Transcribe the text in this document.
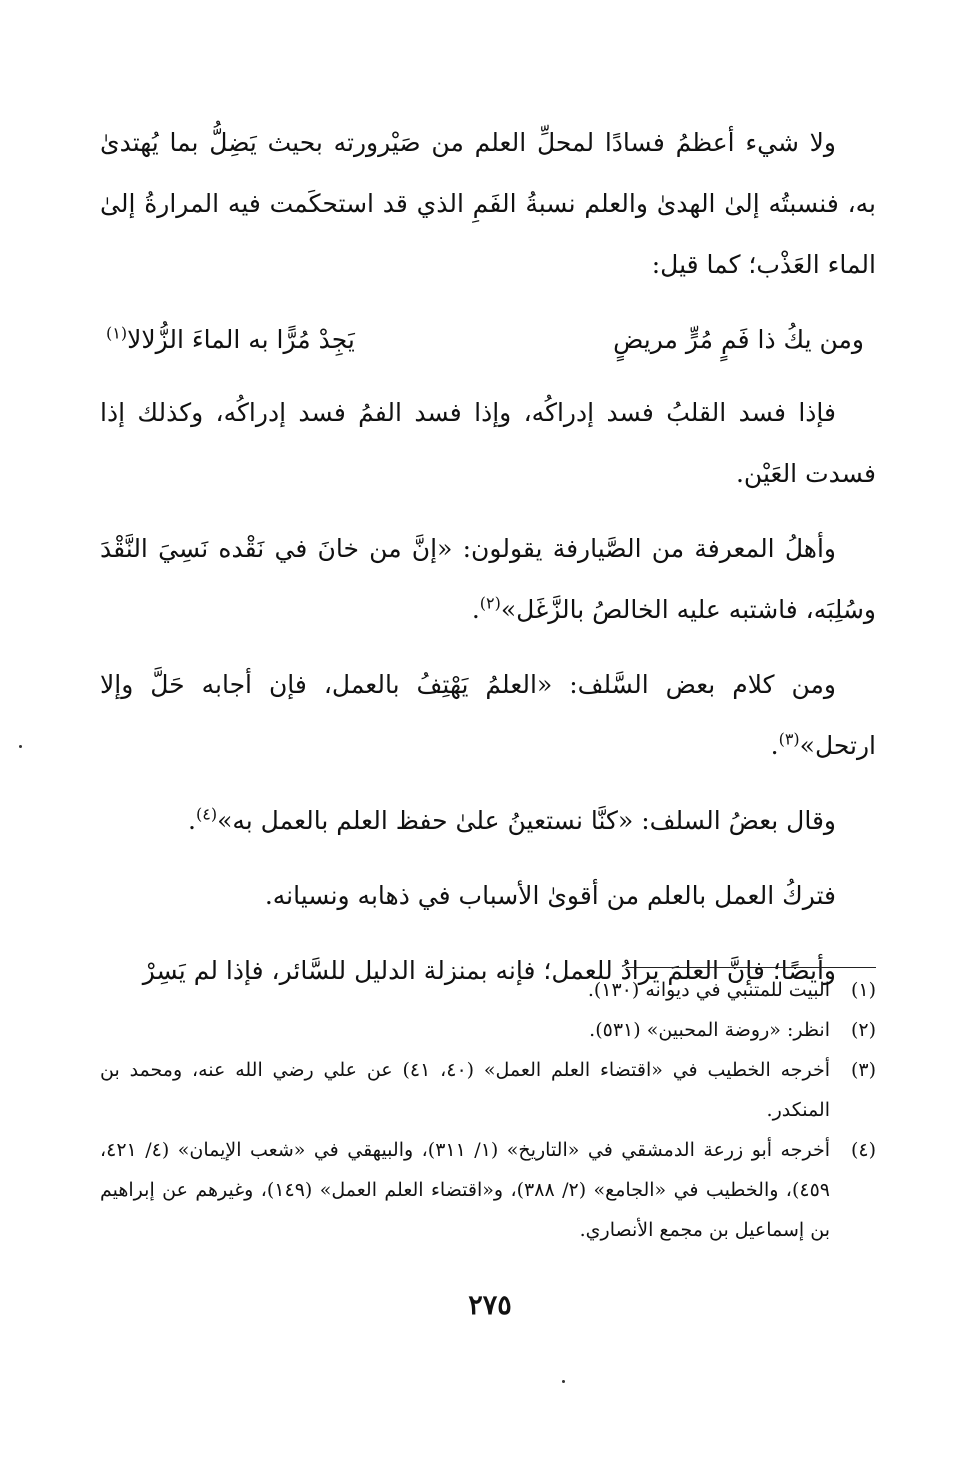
ولا شيء أعظمُ فسادًا لمحلِّ العلم من صَيْرورته بحيث يَضِلُّ بما يُهتدىٰ به، فنسبتُه إلىٰ الهدىٰ والعلم نسبةُ الفَمِ الذي قد استحكَمت فيه المرارةُ إلىٰ الماء العَذْب؛ كما قيل:

ومن يكُ ذا فَمٍ مُرٍّ مريضٍ
يَجِدْ مُرًّا به الماءَ الزُّلالا$^{(١)}$

فإذا فسد القلبُ فسد إدراكُه، وإذا فسد الفمُ فسد إدراكُه، وكذلك إذا فسدت العَيْن.

وأهلُ المعرفة من الصَّيارفة يقولون: «إنَّ من خانَ في نَقْده نَسِيَ النَّقْدَ وسُلِبَه، فاشتبه عليه الخالصُ بالزَّغَل»$^{(٢)}$.

ومن كلام بعض السَّلف: «العلمُ يَهْتِفُ بالعمل، فإن أجابه حَلَّ وإلا ارتحل»$^{(٣)}$.

وقال بعضُ السلف: «كنَّا نستعينُ علىٰ حفظ العلم بالعمل به»$^{(٤)}$.

فتركُ العمل بالعلم من أقوىٰ الأسباب في ذهابه ونسيانه.

وأيضًا؛ فإنَّ العلمَ يرادُ للعمل؛ فإنه بمنزلة الدليل للسَّائر، فإذا لم يَسِرْ

(١)
البيت للمتنبي في ديوانه (١٣٠).
(٢)
انظر: «روضة المحبين» (٥٣١).
(٣)
أخرجه الخطيب في «اقتضاء العلم العمل» (٤٠، ٤١) عن علي رضي الله عنه، ومحمد بن المنكدر.
(٤)
أخرجه أبو زرعة الدمشقي في «التاريخ» (١/ ٣١١)، والبيهقي في «شعب الإيمان» (٤/ ٤٢١، ٤٥٩)، والخطيب في «الجامع» (٢/ ٣٨٨)، و«اقتضاء العلم العمل» (١٤٩)، وغيرهم عن إبراهيم بن إسماعيل بن مجمع الأنصاري.
٢٧٥
